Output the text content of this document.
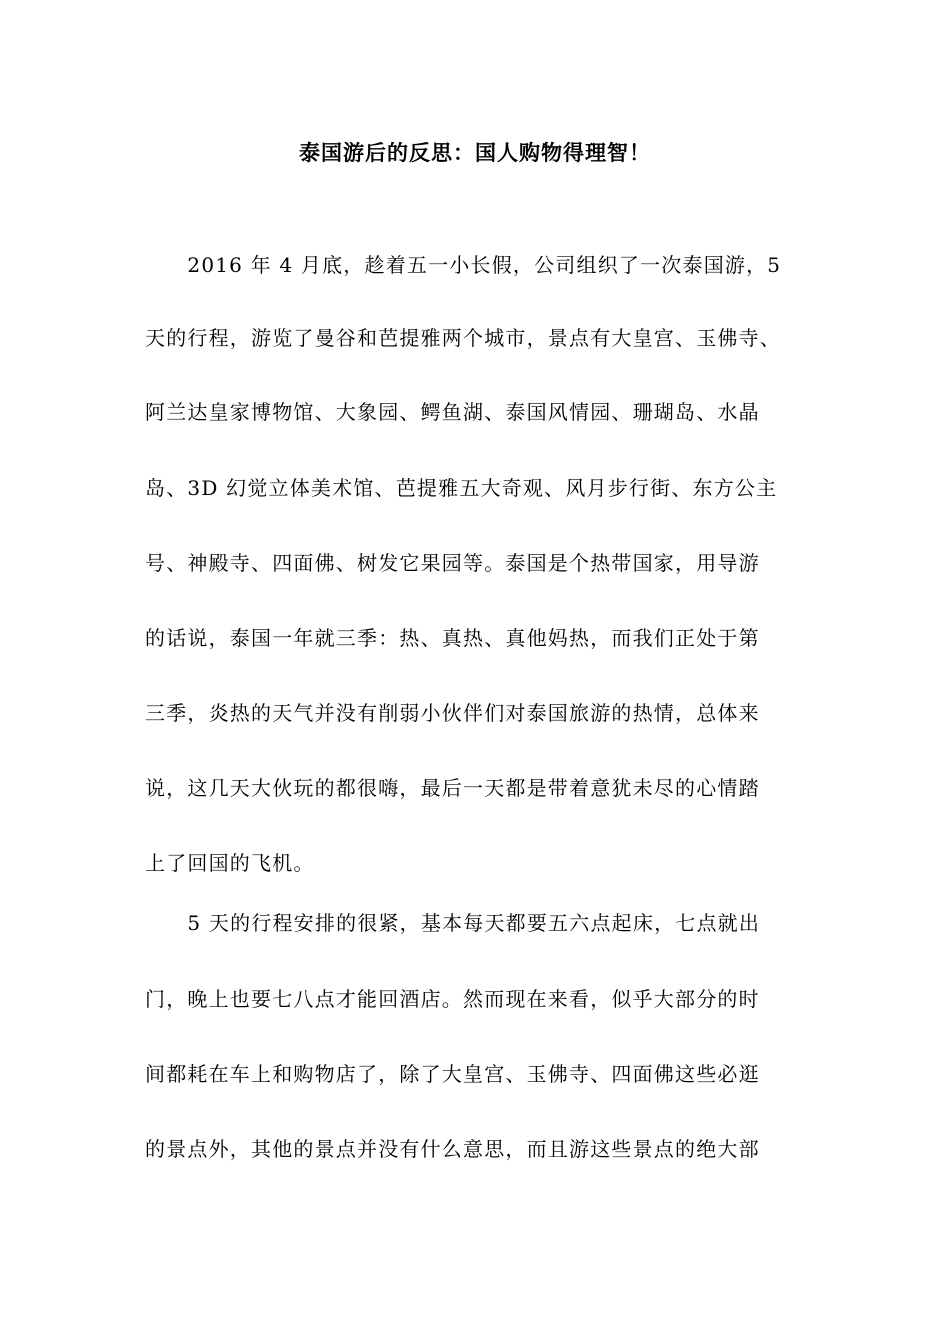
泰国游后的反思：国人购物得理智！
　　2016 年 4 月底，趁着五一小长假，公司组织了一次泰国游，5
天的行程，游览了曼谷和芭提雅两个城市，景点有大皇宫、玉佛寺、
阿兰达皇家博物馆、大象园、鳄鱼湖、泰国风情园、珊瑚岛、水晶
岛、3D 幻觉立体美术馆、芭提雅五大奇观、风月步行街、东方公主
号、神殿寺、四面佛、树发它果园等。泰国是个热带国家，用导游
的话说，泰国一年就三季：热、真热、真他妈热，而我们正处于第
三季，炎热的天气并没有削弱小伙伴们对泰国旅游的热情，总体来
说，这几天大伙玩的都很嗨，最后一天都是带着意犹未尽的心情踏
上了回国的飞机。
　　5 天的行程安排的很紧，基本每天都要五六点起床，七点就出
门，晚上也要七八点才能回酒店。然而现在来看，似乎大部分的时
间都耗在车上和购物店了，除了大皇宫、玉佛寺、四面佛这些必逛
的景点外，其他的景点并没有什么意思，而且游这些景点的绝大部
